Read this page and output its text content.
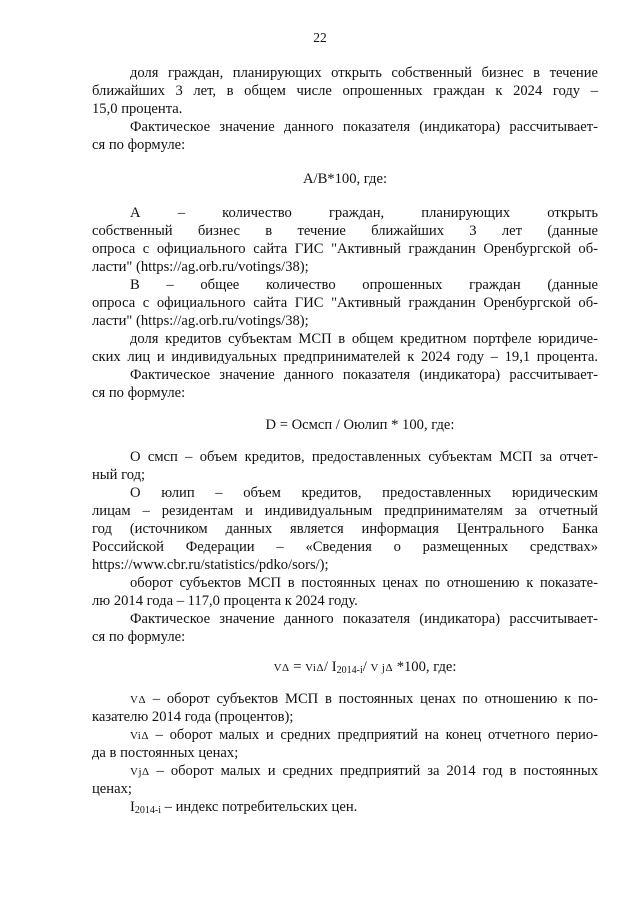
22
доля граждан, планирующих открыть собственный бизнес в течение
ближайших 3 лет, в общем числе опрошенных граждан к 2024 году –
15,0 процента.
Фактическое значение данного показателя (индикатора) рассчитывает-
ся по формуле:
A/B*100, где:
А – количество граждан, планирующих открыть
собственный бизнес в течение ближайших 3 лет (данные
опроса с официального сайта ГИС "Активный гражданин Оренбургской об-
ласти" (https://ag.orb.ru/votings/38);
В – общее количество опрошенных граждан (данные
опроса с официального сайта ГИС "Активный гражданин Оренбургской об-
ласти" (https://ag.orb.ru/votings/38);
доля кредитов субъектам МСП в общем кредитном портфеле юридиче-
ских лиц и индивидуальных предпринимателей к 2024 году – 19,1 процента.
Фактическое значение данного показателя (индикатора) рассчитывает-
ся по формуле:
D = Осмсп / Оюлип * 100, где:
О смсп – объем кредитов, предоставленных субъектам МСП за отчет-
ный год;
О юлип – объем кредитов, предоставленных юридическим
лицам – резидентам и индивидуальным предпринимателям за отчетный
год (источником данных является информация Центрального Банка
Российской Федерации – «Сведения о размещенных средствах»
https://www.cbr.ru/statistics/pdko/sors/);
оборот субъектов МСП в постоянных ценах по отношению к показате-
лю 2014 года – 117,0 процента к 2024 году.
Фактическое значение данного показателя (индикатора) рассчитывает-
ся по формуле:
VΔ = ViΔ/ $I_{2014-i}/$ V jΔ *100, где:
VΔ – оборот субъектов МСП в постоянных ценах по отношению к по-
казателю 2014 года (процентов);
ViΔ – оборот малых и средних предприятий на конец отчетного перио-
да в постоянных ценах;
VjΔ – оборот малых и средних предприятий за 2014 год в постоянных
ценах;
$I_{2014-i}$ – индекс потребительских цен.
